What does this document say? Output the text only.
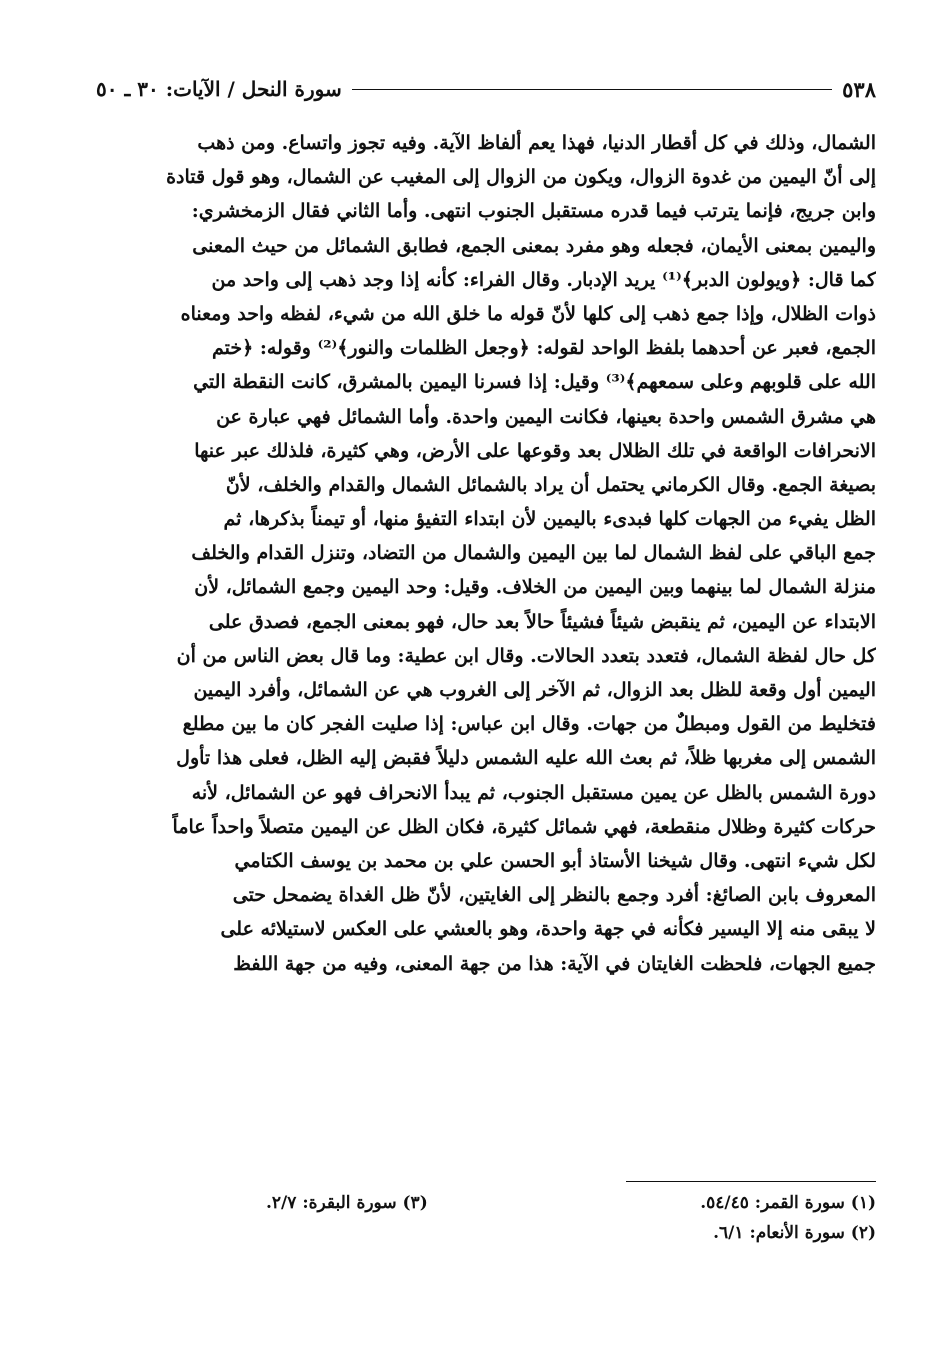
٥٣٨
سورة النحل / الآيات: ٣٠ ـ ٥٠
الشمال، وذلك في كل أقطار الدنيا، فهذا يعم ألفاظ الآية. وفيه تجوز واتساع. ومن ذهب
إلى أنّ اليمين من غدوة الزوال، ويكون من الزوال إلى المغيب عن الشمال، وهو قول قتادة
وابن جريج، فإنما يترتب فيما قدره مستقبل الجنوب انتهى. وأما الثاني فقال الزمخشري:
واليمين بمعنى الأيمان، فجعله وهو مفرد بمعنى الجمع، فطابق الشمائل من حيث المعنى
كما قال: ﴿ويولون الدبر﴾⁽¹⁾ يريد الإدبار. وقال الفراء: كأنه إذا وجد ذهب إلى واحد من
ذوات الظلال، وإذا جمع ذهب إلى كلها لأنّ قوله ما خلق الله من شيء، لفظه واحد ومعناه
الجمع، فعبر عن أحدهما بلفظ الواحد لقوله: ﴿وجعل الظلمات والنور﴾⁽²⁾ وقوله: ﴿ختم
الله على قلوبهم وعلى سمعهم﴾⁽³⁾ وقيل: إذا فسرنا اليمين بالمشرق، كانت النقطة التي
هي مشرق الشمس واحدة بعينها، فكانت اليمين واحدة. وأما الشمائل فهي عبارة عن
الانحرافات الواقعة في تلك الظلال بعد وقوعها على الأرض، وهي كثيرة، فلذلك عبر عنها
بصيغة الجمع. وقال الكرماني يحتمل أن يراد بالشمائل الشمال والقدام والخلف، لأنّ
الظل يفيء من الجهات كلها فبدىء باليمين لأن ابتداء التفيؤ منها، أو تيمناً بذكرها، ثم
جمع الباقي على لفظ الشمال لما بين اليمين والشمال من التضاد، وتنزل القدام والخلف
منزلة الشمال لما بينهما وبين اليمين من الخلاف. وقيل: وحد اليمين وجمع الشمائل، لأن
الابتداء عن اليمين، ثم ينقبض شيئاً فشيئاً حالاً بعد حال، فهو بمعنى الجمع، فصدق على
كل حال لفظة الشمال، فتعدد بتعدد الحالات. وقال ابن عطية: وما قال بعض الناس من أن
اليمين أول وقعة للظل بعد الزوال، ثم الآخر إلى الغروب هي عن الشمائل، وأفرد اليمين
فتخليط من القول ومبطلٌ من جهات. وقال ابن عباس: إذا صليت الفجر كان ما بين مطلع
الشمس إلى مغربها ظلاً، ثم بعث الله عليه الشمس دليلاً فقبض إليه الظل، فعلى هذا تأول
دورة الشمس بالظل عن يمين مستقبل الجنوب، ثم يبدأ الانحراف فهو عن الشمائل، لأنه
حركات كثيرة وظلال منقطعة، فهي شمائل كثيرة، فكان الظل عن اليمين متصلاً واحداً عاماً
لكل شيء انتهى. وقال شيخنا الأستاذ أبو الحسن علي بن محمد بن يوسف الكتامي
المعروف بابن الصائغ: أفرد وجمع بالنظر إلى الغايتين، لأنّ ظل الغداة يضمحل حتى
لا يبقى منه إلا اليسير فكأنه في جهة واحدة، وهو بالعشي على العكس لاستيلائه على
جميع الجهات، فلحظت الغايتان في الآية: هذا من جهة المعنى، وفيه من جهة اللفظ
(١) سورة القمر: ٥٤/٤٥.
(٣) سورة البقرة: ٢/٧.
(٢) سورة الأنعام: ٦/١.
